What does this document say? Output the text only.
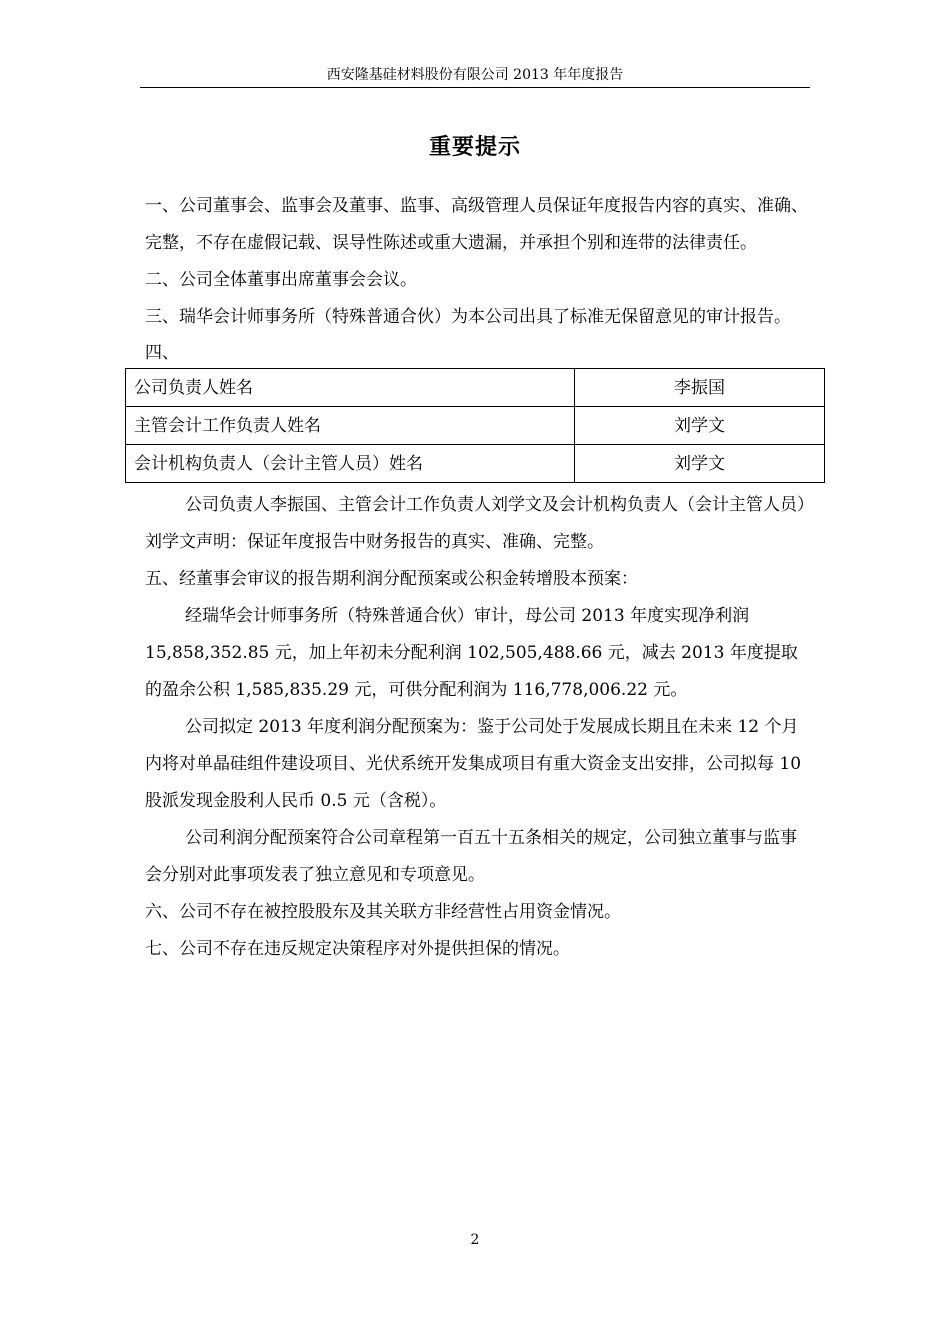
西安隆基硅材料股份有限公司 2013 年年度报告
重要提示

一、公司董事会、监事会及董事、监事、高级管理人员保证年度报告内容的真实、准确、完整，不存在虚假记载、误导性陈述或重大遗漏，并承担个别和连带的法律责任。

二、公司全体董事出席董事会会议。

三、瑞华会计师事务所（特殊普通合伙）为本公司出具了标准无保留意见的审计报告。

四、

公司负责人姓名	李振国
主管会计工作负责人姓名	刘学文
会计机构负责人（会计主管人员）姓名	刘学文

公司负责人李振国、主管会计工作负责人刘学文及会计机构负责人（会计主管人员）刘学文声明：保证年度报告中财务报告的真实、准确、完整。

五、经董事会审议的报告期利润分配预案或公积金转增股本预案：

经瑞华会计师事务所（特殊普通合伙）审计，母公司 2013 年度实现净利润 15,858,352.85 元，加上年初未分配利润 102,505,488.66 元，减去 2013 年度提取的盈余公积 1,585,835.29 元，可供分配利润为 116,778,006.22 元。

公司拟定 2013 年度利润分配预案为：鉴于公司处于发展成长期且在未来 12 个月内将对单晶硅组件建设项目、光伏系统开发集成项目有重大资金支出安排，公司拟每 10 股派发现金股利人民币 0.5 元（含税）。

公司利润分配预案符合公司章程第一百五十五条相关的规定，公司独立董事与监事会分别对此事项发表了独立意见和专项意见。

六、公司不存在被控股股东及其关联方非经营性占用资金情况。

七、公司不存在违反规定决策程序对外提供担保的情况。

2
